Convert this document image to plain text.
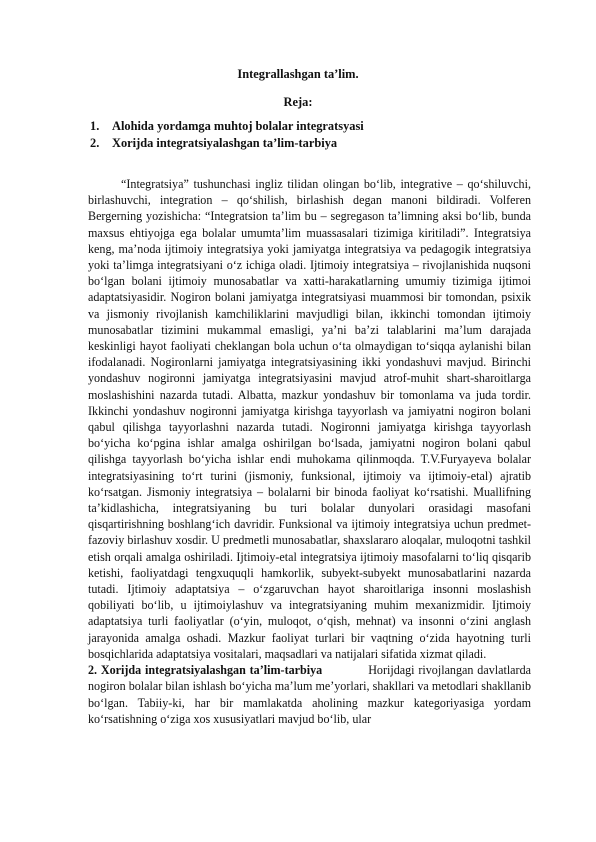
Integrallashgan ta’lim.
Reja:
1. Alohida yordamga muhtoj bolalar integratsyasi
2. Xorijda integratsiyalashgan ta’lim-tarbiya

“Integratsiya” tushunchasi ingliz tilidan olingan bo‘lib, integrative – qo‘shiluvchi, birlashuvchi, integration – qo‘shilish, birlashish degan manoni bildiradi. Volferen Bergerning yozishicha: “Integratsion ta’lim bu – segregason ta’limning aksi bo‘lib, bunda maxsus ehtiyojga ega bolalar umumta’lim muassasalari tizimiga kiritiladi”. Integratsiya keng, ma’noda ijtimoiy integratsiya yoki jamiyatga integratsiya va pedagogik integratsiya yoki ta’limga integratsiyani o‘z ichiga oladi. Ijtimoiy integratsiya – rivojlanishida nuqsoni bo‘lgan bolani ijtimoiy munosabatlar va xatti-harakatlarning umumiy tizimiga ijtimoi adaptatsiyasidir. Nogiron bolani jamiyatga integratsiyasi muammosi bir tomondan, psixik va jismoniy rivojlanish kamchiliklarini mavjudligi bilan, ikkinchi tomondan ijtimoiy munosabatlar tizimini mukammal emasligi, ya’ni ba’zi talablarini ma’lum darajada keskinligi hayot faoliyati cheklangan bola uchun o‘ta olmaydigan to‘siqqa aylanishi bilan ifodalanadi. Nogironlarni jamiyatga integratsiyasining ikki yondashuvi mavjud. Birinchi yondashuv nogironni jamiyatga integratsiyasini mavjud atrof-muhit shart-sharoitlarga moslashishini nazarda tutadi. Albatta, mazkur yondashuv bir tomonlama va juda tordir. Ikkinchi yondashuv nogironni jamiyatga kirishga tayyorlash va jamiyatni nogiron bolani qabul qilishga tayyorlashni nazarda tutadi. Nogironni jamiyatga kirishga tayyorlash bo‘yicha ko‘pgina ishlar amalga oshirilgan bo‘lsada, jamiyatni nogiron bolani qabul qilishga tayyorlash bo‘yicha ishlar endi muhokama qilinmoqda. T.V.Furyayeva bolalar integratsiyasining to‘rt turini (jismoniy, funksional, ijtimoiy va ijtimoiy-etal) ajratib ko‘rsatgan. Jismoniy integratsiya – bolalarni bir binoda faoliyat ko‘rsatishi. Muallifning ta’kidlashicha, integratsiyaning bu turi bolalar dunyolari orasidagi masofani qisqartirishning boshlang‘ich davridir. Funksional va ijtimoiy integratsiya uchun predmet-fazoviy birlashuv xosdir. U predmetli munosabatlar, shaxslararo aloqalar, muloqotni tashkil etish orqali amalga oshiriladi. Ijtimoiy-etal integratsiya ijtimoiy masofalarni to‘liq qisqarib ketishi, faoliyatdagi tengxuquqli hamkorlik, subyekt-subyekt munosabatlarini nazarda tutadi. Ijtimoiy adaptatsiya – o‘zgaruvchan hayot sharoitlariga insonni moslashish qobiliyati bo‘lib, u ijtimoiylashuv va integratsiyaning muhim mexanizmidir. Ijtimoiy adaptatsiya turli faoliyatlar (o‘yin, muloqot, o‘qish, mehnat) va insonni o‘zini anglash jarayonida amalga oshadi. Mazkur faoliyat turlari bir vaqtning o‘zida hayotning turli bosqichlarida adaptatsiya vositalari, maqsadlari va natijalari sifatida xizmat qiladi.

2. Xorijda integratsiyalashgan ta’lim-tarbiya	Horijdagi rivojlangan davlatlarda nogiron bolalar bilan ishlash bo‘yicha ma’lum me’yorlari, shakllari va metodlari shakllanib bo‘lgan. Tabiiy-ki, har bir mamlakatda aholining mazkur kategoriyasiga yordam ko‘rsatishning o‘ziga xos xususiyatlari mavjud bo‘lib, ular
